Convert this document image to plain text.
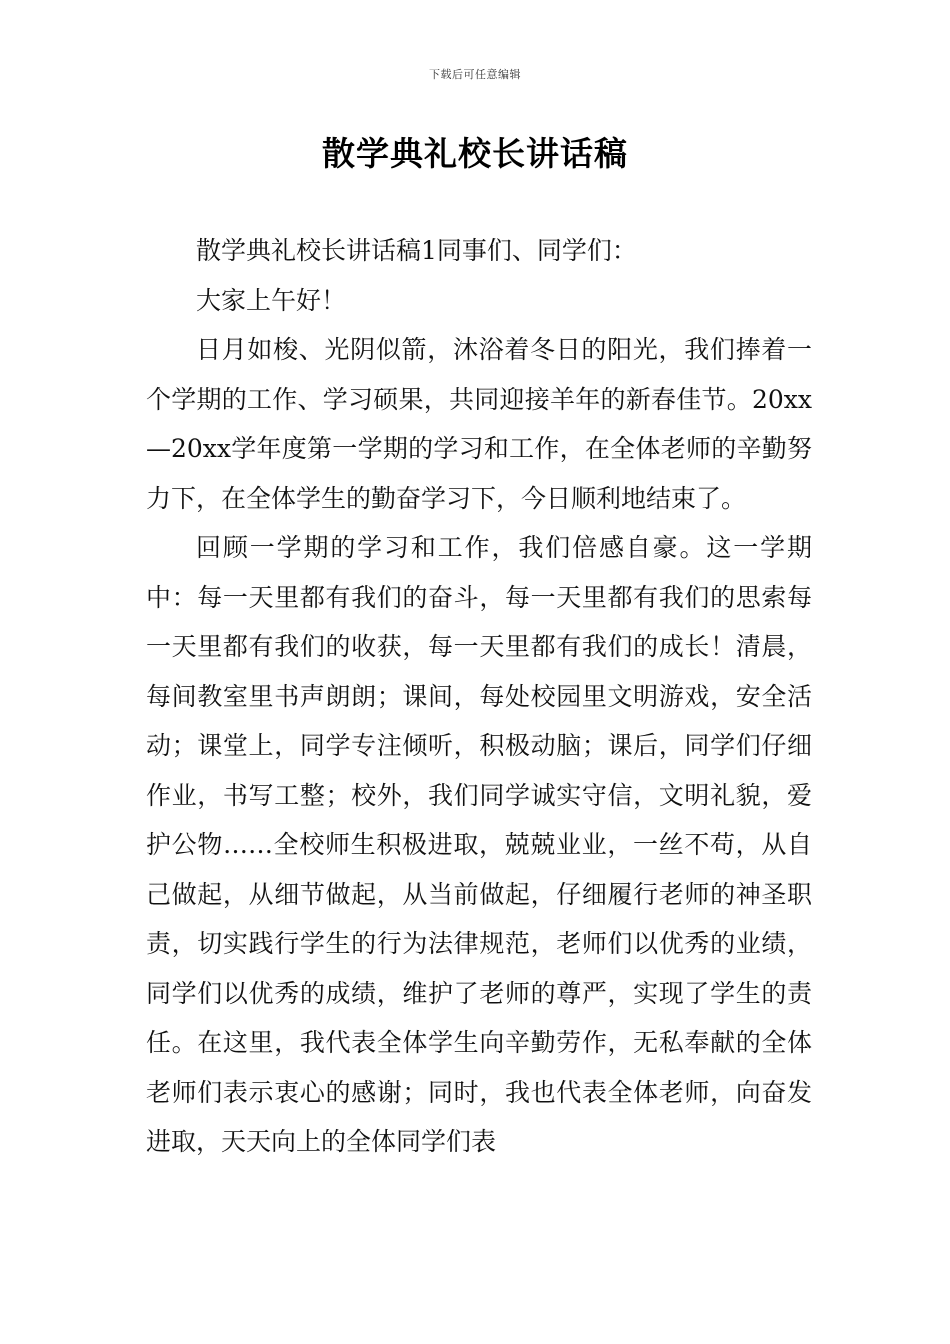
下载后可任意编辑
散学典礼校长讲话稿

散学典礼校长讲话稿1同事们、同学们：

大家上午好！

日月如梭、光阴似箭，沐浴着冬日的阳光，我们捧着一个学期的工作、学习硕果，共同迎接羊年的新春佳节。20xx—20xx学年度第一学期的学习和工作，在全体老师的辛勤努力下，在全体学生的勤奋学习下，今日顺利地结束了。

回顾一学期的学习和工作，我们倍感自豪。这一学期中：每一天里都有我们的奋斗，每一天里都有我们的思索每一天里都有我们的收获，每一天里都有我们的成长！清晨，每间教室里书声朗朗；课间，每处校园里文明游戏，安全活动；课堂上，同学专注倾听，积极动脑；课后，同学们仔细作业，书写工整；校外，我们同学诚实守信，文明礼貌，爱护公物……全校师生积极进取，兢兢业业，一丝不苟，从自己做起，从细节做起，从当前做起，仔细履行老师的神圣职责，切实践行学生的行为法律规范，老师们以优秀的业绩，同学们以优秀的成绩，维护了老师的尊严，实现了学生的责任。在这里，我代表全体学生向辛勤劳作，无私奉献的全体老师们表示衷心的感谢；同时，我也代表全体老师，向奋发进取，天天向上的全体同学们表
